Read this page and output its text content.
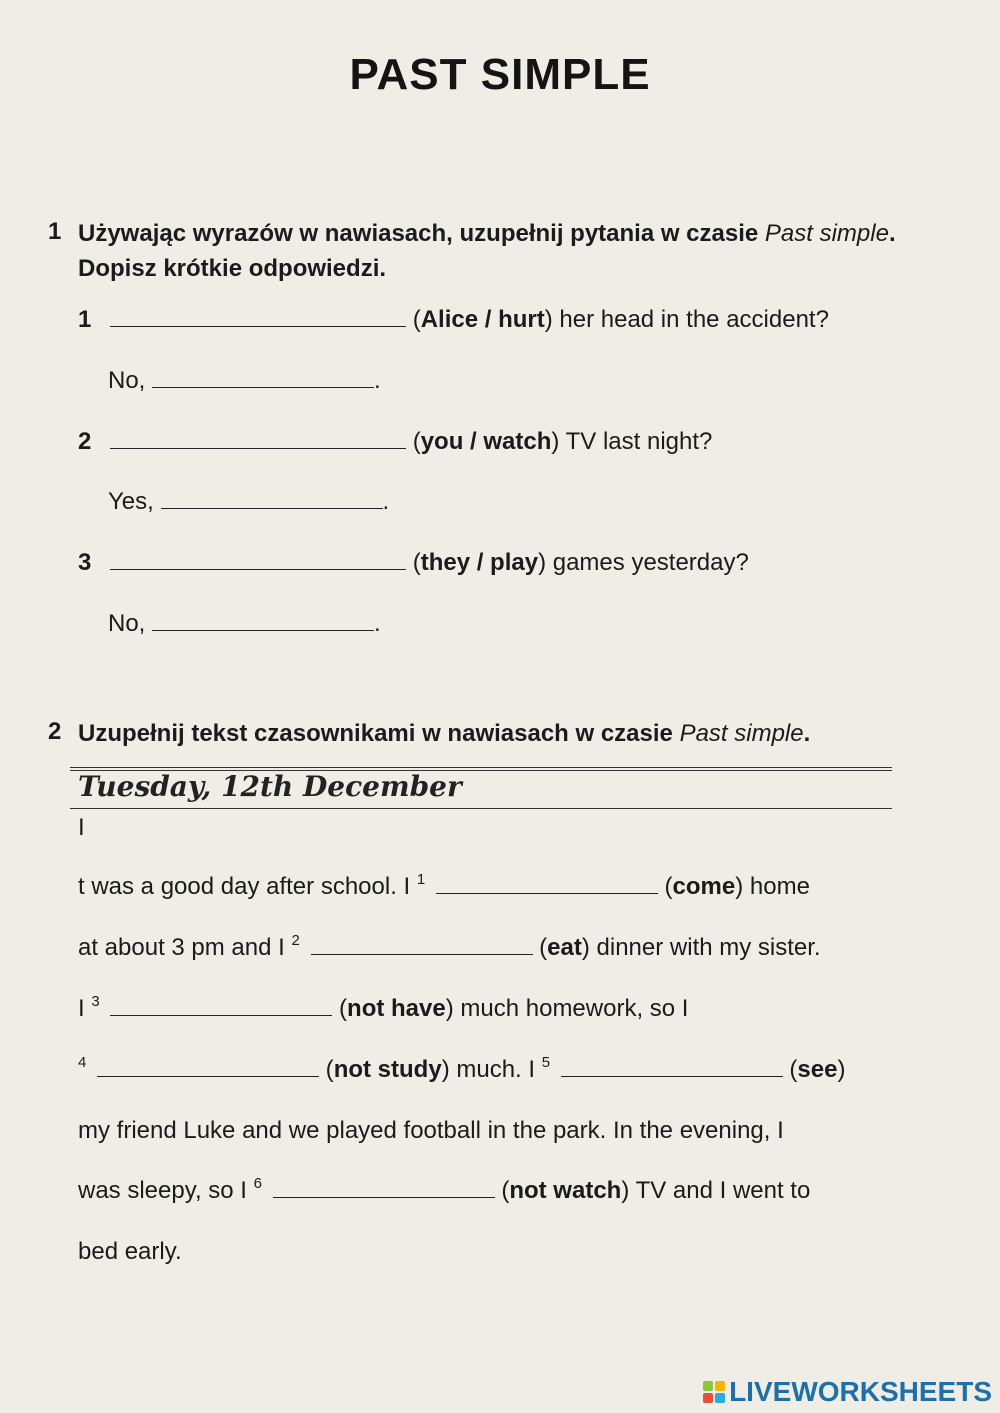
PAST SIMPLE
1 Używając wyrazów w nawiasach, uzupełnij pytania w czasie Past simple.
Dopisz krótkie odpowiedzi.
1	(Alice / hurt) her head in the accident?
No,	.
2	(you / watch) TV last night?
Yes,	.
3	(they / play) games yesterday?
No,	.
2 Uzupełnij tekst czasownikami w nawiasach w czasie Past simple.
Tuesday, 12th December
I
t was a good day after school. I $^1$	(come) home
at about 3 pm and I $^2$	(eat) dinner with my sister.
I $^3$	(not have) much homework, so I
$^4$	(not study) much. I $^5$	(see)
my friend Luke and we played football in the park. In the evening, I
was sleepy, so I $^6$	(not watch) TV and I went to
bed early.
LIVEWORKSHEETS
